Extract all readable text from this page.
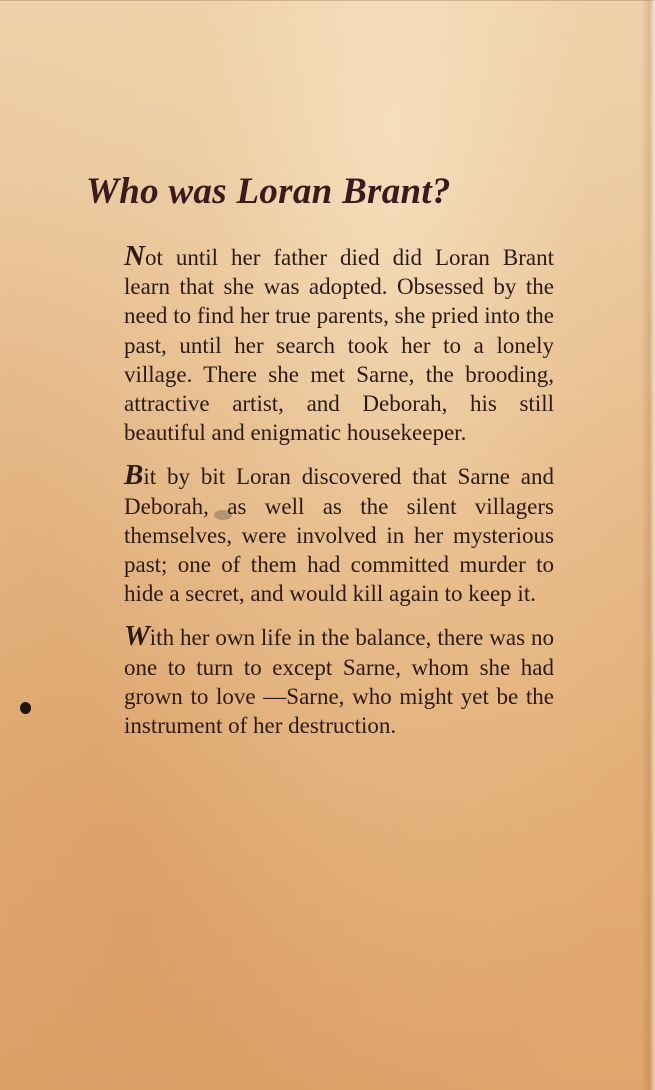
Who was Loran Brant?

Not until her father died did Loran Brant learn that she was adopted. Obsessed by the need to find her true parents, she pried into the past, until her search took her to a lonely village. There she met Sarne, the brooding, attractive artist, and Deborah, his still beautiful and enigmatic housekeeper.

Bit by bit Loran discovered that Sarne and Deborah, as well as the silent villagers themselves, were involved in her mysterious past; one of them had committed murder to hide a secret, and would kill again to keep it.

With her own life in the balance, there was no one to turn to except Sarne, whom she had grown to love —Sarne, who might yet be the instrument of her destruction.
